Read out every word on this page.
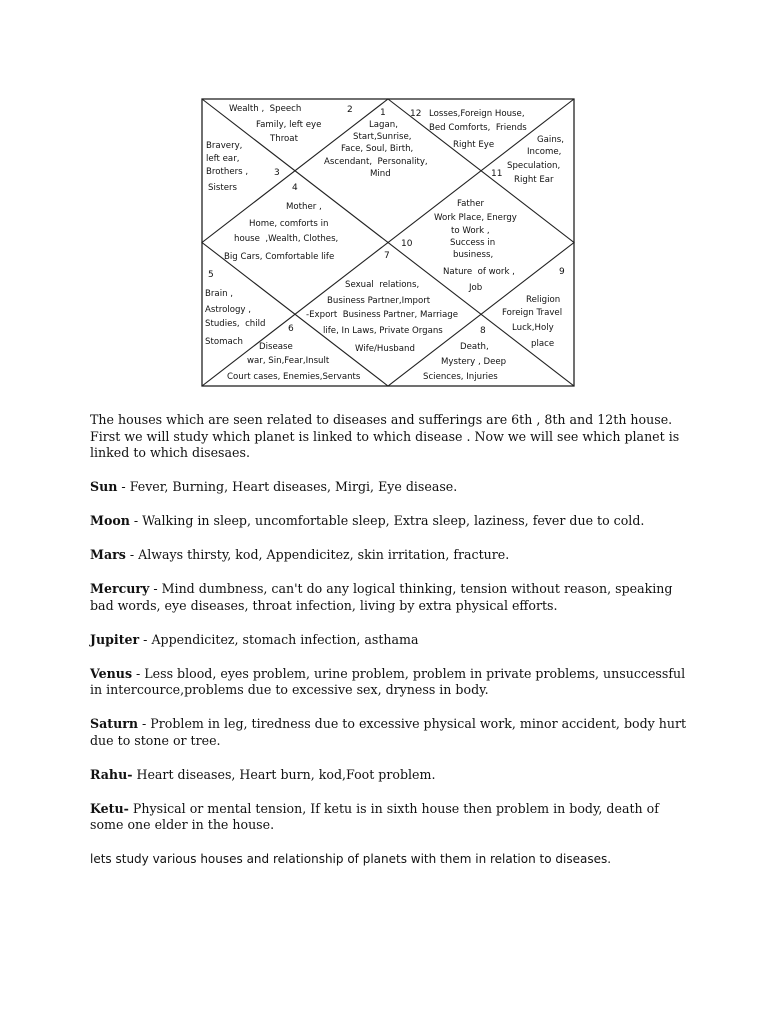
2
Wealth ,  Speech
Family, left eye
Throat
1
Lagan,
Start,Sunrise,
Face, Soul, Birth,
Ascendant,  Personality,
Mind
12 Losses,Foreign House,
Bed Comforts,  Friends
Right Eye
Bravery,
left ear,
Brothers ,	3
Sisters
Gains,
Income,
Speculation,
11
Right Ear
4
Mother ,
Home, comforts in
house  ,Wealth, Clothes,
Big Cars, Comfortable life
Father
Work Place, Energy
to Work ,
Success in
10
business,
Nature  of work ,
Job
7
Sexual  relations,
Business Partner,Import
-Export  Business Partner, Marriage
life, In Laws, Private Organs
Wife/Husband
5
Brain ,
Astrology ,
Studies,  child
Stomach
9
Religion
Foreign Travel
Luck,Holy
place
6
Disease
war, Sin,Fear,Insult
Court cases, Enemies,Servants
8
Death,
Mystery , Deep
Sciences, Injuries

The houses which are seen related to diseases and sufferings are 6th , 8th and 12th house. First we will study which planet is linked to which disease . Now we will see which planet is linked to which disesaes.

Sun - Fever, Burning, Heart diseases, Mirgi, Eye disease.

Moon - Walking in sleep, uncomfortable sleep, Extra sleep, laziness, fever due to cold.

Mars - Always thirsty, kod, Appendicitez, skin irritation, fracture.

Mercury - Mind dumbness, can't do any logical thinking, tension without reason, speaking bad words, eye diseases, throat infection, living by extra physical efforts.

Jupiter - Appendicitez, stomach infection, asthama

Venus - Less blood, eyes problem, urine problem, problem in private problems, unsuccessful in intercource,problems due to excessive sex, dryness in body.

Saturn - Problem in leg, tiredness due to excessive physical work, minor accident, body hurt due to stone or tree.

Rahu- Heart diseases, Heart burn, kod,Foot problem.

Ketu- Physical or mental tension, If ketu is in sixth house then problem in body, death of some one elder in the house.

lets study various houses and relationship of planets with them in relation to diseases.
